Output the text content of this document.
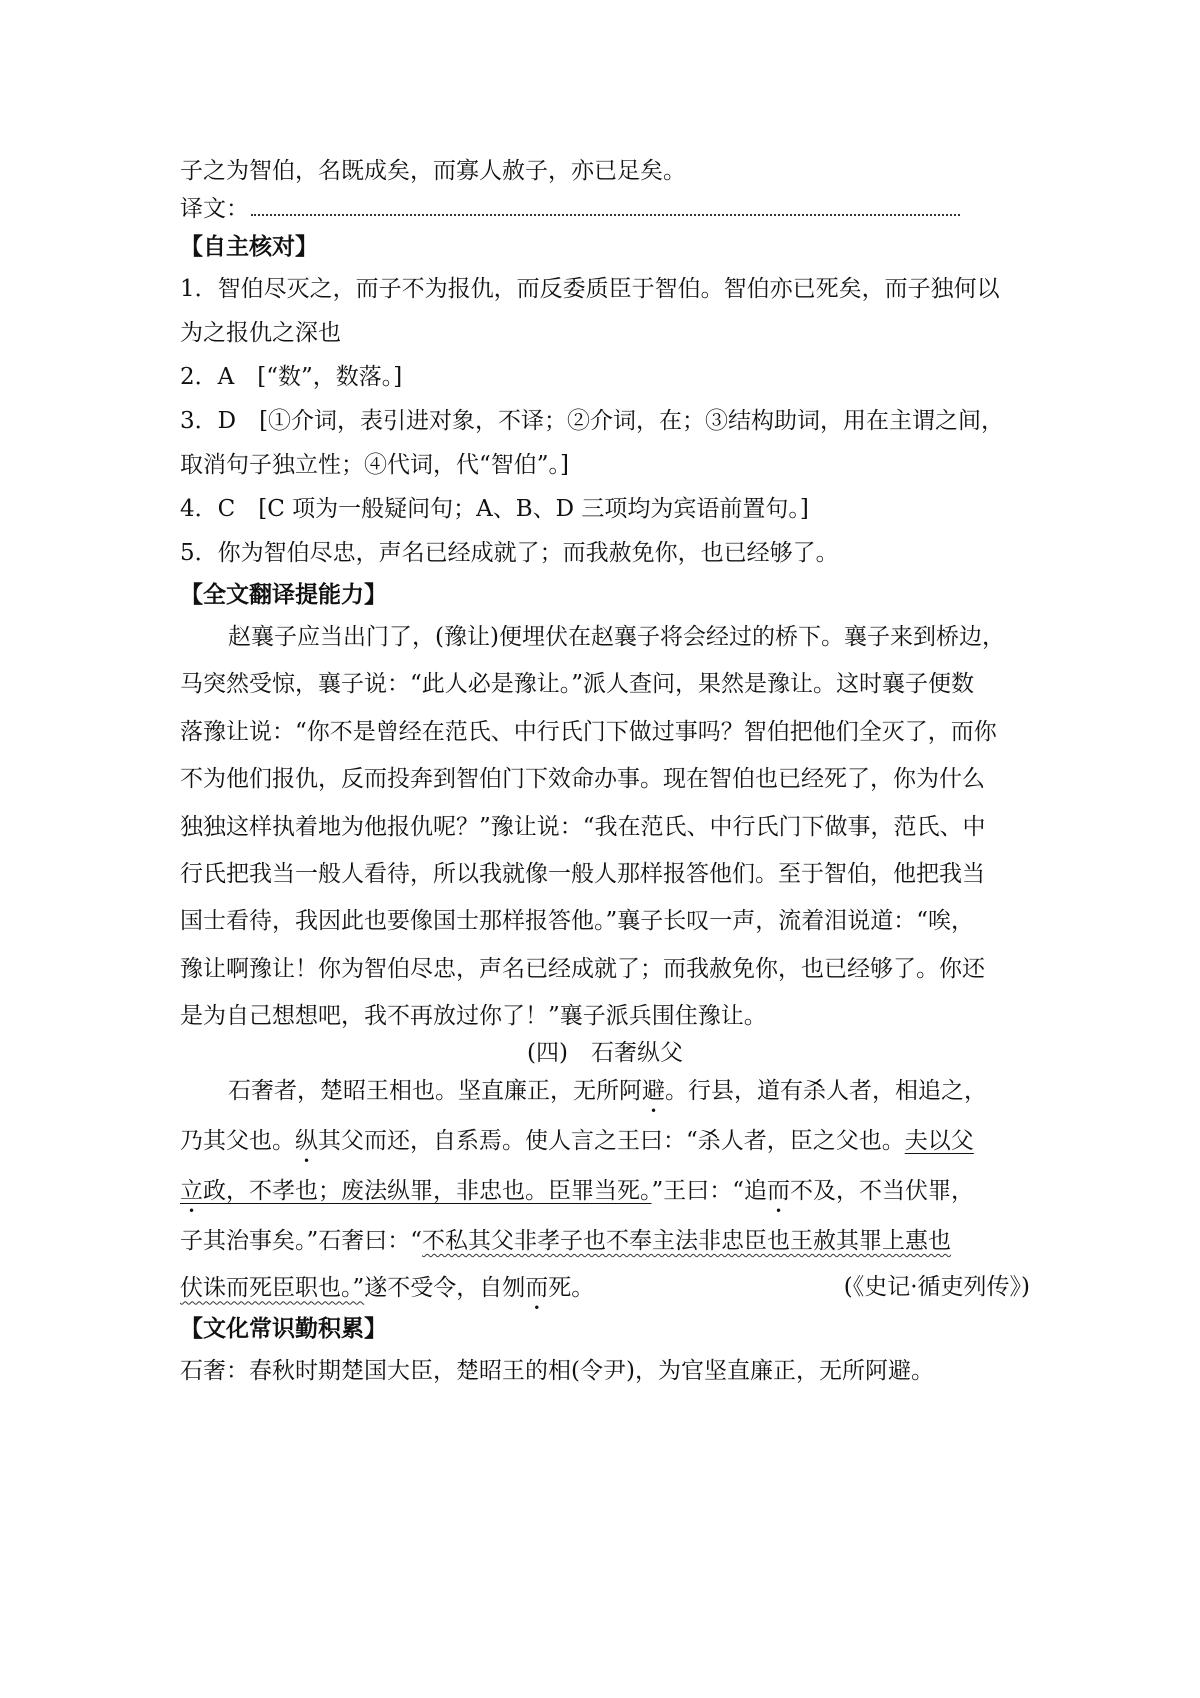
子之为智伯，名既成矣，而寡人赦子，亦已足矣。
译文：
【自主核对】
1．智伯尽灭之，而子不为报仇，而反委质臣于智伯。智伯亦已死矣，而子独何以
为之报仇之深也
2．A　[“数”，数落。]
3．D　[①介词，表引进对象，不译；②介词，在；③结构助词，用在主谓之间，
取消句子独立性；④代词，代“智伯”。]
4．C　[C 项为一般疑问句；A、B、D 三项均为宾语前置句。]
5．你为智伯尽忠，声名已经成就了；而我赦免你，也已经够了。
【全文翻译提能力】
赵襄子应当出门了，(豫让)便埋伏在赵襄子将会经过的桥下。襄子来到桥边，
马突然受惊，襄子说：“此人必是豫让。”派人查问，果然是豫让。这时襄子便数
落豫让说：“你不是曾经在范氏、中行氏门下做过事吗？智伯把他们全灭了，而你
不为他们报仇，反而投奔到智伯门下效命办事。现在智伯也已经死了，你为什么
独独这样执着地为他报仇呢？”豫让说：“我在范氏、中行氏门下做事，范氏、中
行氏把我当一般人看待，所以我就像一般人那样报答他们。至于智伯，他把我当
国士看待，我因此也要像国士那样报答他。”襄子长叹一声，流着泪说道：“唉，
豫让啊豫让！你为智伯尽忠，声名已经成就了；而我赦免你，也已经够了。你还
是为自己想想吧，我不再放过你了！”襄子派兵围住豫让。
(四)　石奢纵父
石奢者，楚昭王相也。坚直廉正，无所阿避。行县，道有杀人者，相追之，
乃其父也。纵其父而还，自系焉。使人言之王曰：“杀人者，臣之父也。夫以父
立政，不孝也；废法纵罪，非忠也。臣罪当死。”王曰：“追而不及，不当伏罪，
子其治事矣。”石奢曰：“不私其父非孝子也不奉主法非忠臣也王赦其罪上惠也
伏诛而死臣职也。”遂不受令，自刎而死。	(《史记·循吏列传》)
【文化常识勤积累】
石奢：春秋时期楚国大臣，楚昭王的相(令尹)，为官坚直廉正，无所阿避。
